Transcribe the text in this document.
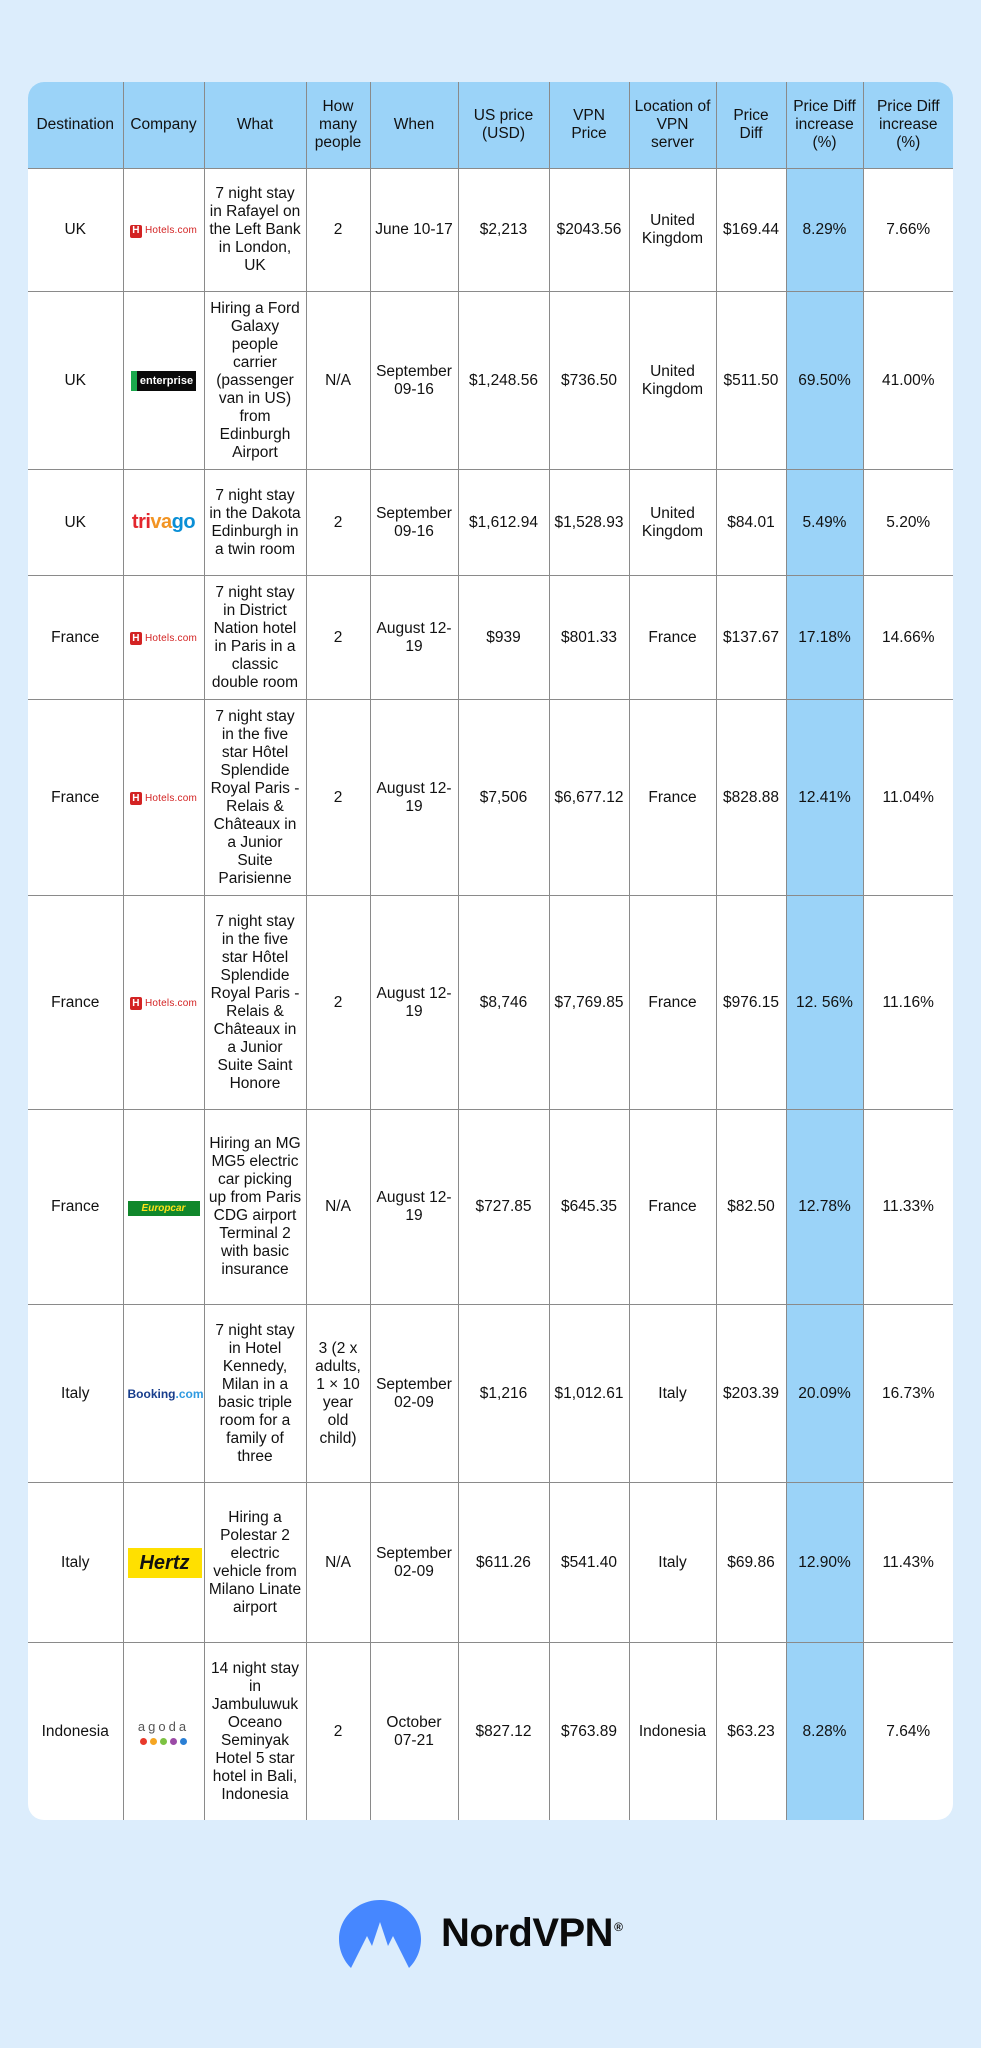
Destination	Company	What	How many people	When	US price (USD)	VPN Price	Location of VPN server	Price Diff	Price Diff increase (%)	Price Diff increase (%)
UK	H Hotels.com	7 night stay in Rafayel on the Left Bank in London, UK	2	June 10-17	$2,213	$2043.56	United Kingdom	$169.44	8.29%	7.66%
UK	enterprise	Hiring a Ford Galaxy people carrier (passenger van in US) from Edinburgh Airport	N/A	September 09-16	$1,248.56	$736.50	United Kingdom	$511.50	69.50%	41.00%
UK	tri va go	7 night stay in the Dakota Edinburgh in a twin room	2	September 09-16	$1,612.94	$1,528.93	United Kingdom	$84.01	5.49%	5.20%
France	H Hotels.com	7 night stay in District Nation hotel in Paris in a classic double room	2	August 12-19	$939	$801.33	France	$137.67	17.18%	14.66%
France	H Hotels.com	7 night stay in the five star Hôtel Splendide Royal Paris - Relais & Châteaux in a Junior Suite Parisienne	2	August 12-19	$7,506	$6,677.12	France	$828.88	12.41%	11.04%
France	H Hotels.com	7 night stay in the five star Hôtel Splendide Royal Paris - Relais & Châteaux in a Junior Suite Saint Honore	2	August 12-19	$8,746	$7,769.85	France	$976.15	12. 56%	11.16%
France	Europcar	Hiring an MG MG5 electric car picking up from Paris CDG airport Terminal 2 with basic insurance	N/A	August 12-19	$727.85	$645.35	France	$82.50	12.78%	11.33%
Italy	Booking .com	7 night stay in Hotel Kennedy, Milan in a basic triple room for a family of three	3 (2 x adults, 1 × 10 year old child)	September 02-09	$1,216	$1,012.61	Italy	$203.39	20.09%	16.73%
Italy	Hertz	Hiring a Polestar 2 electric vehicle from Milano Linate airport	N/A	September 02-09	$611.26	$541.40	Italy	$69.86	12.90%	11.43%
Indonesia	agoda	14 night stay in Jambuluwuk Oceano Seminyak Hotel 5 star hotel in Bali, Indonesia	2	October 07-21	$827.12	$763.89	Indonesia	$63.23	8.28%	7.64%
NordVPN®
